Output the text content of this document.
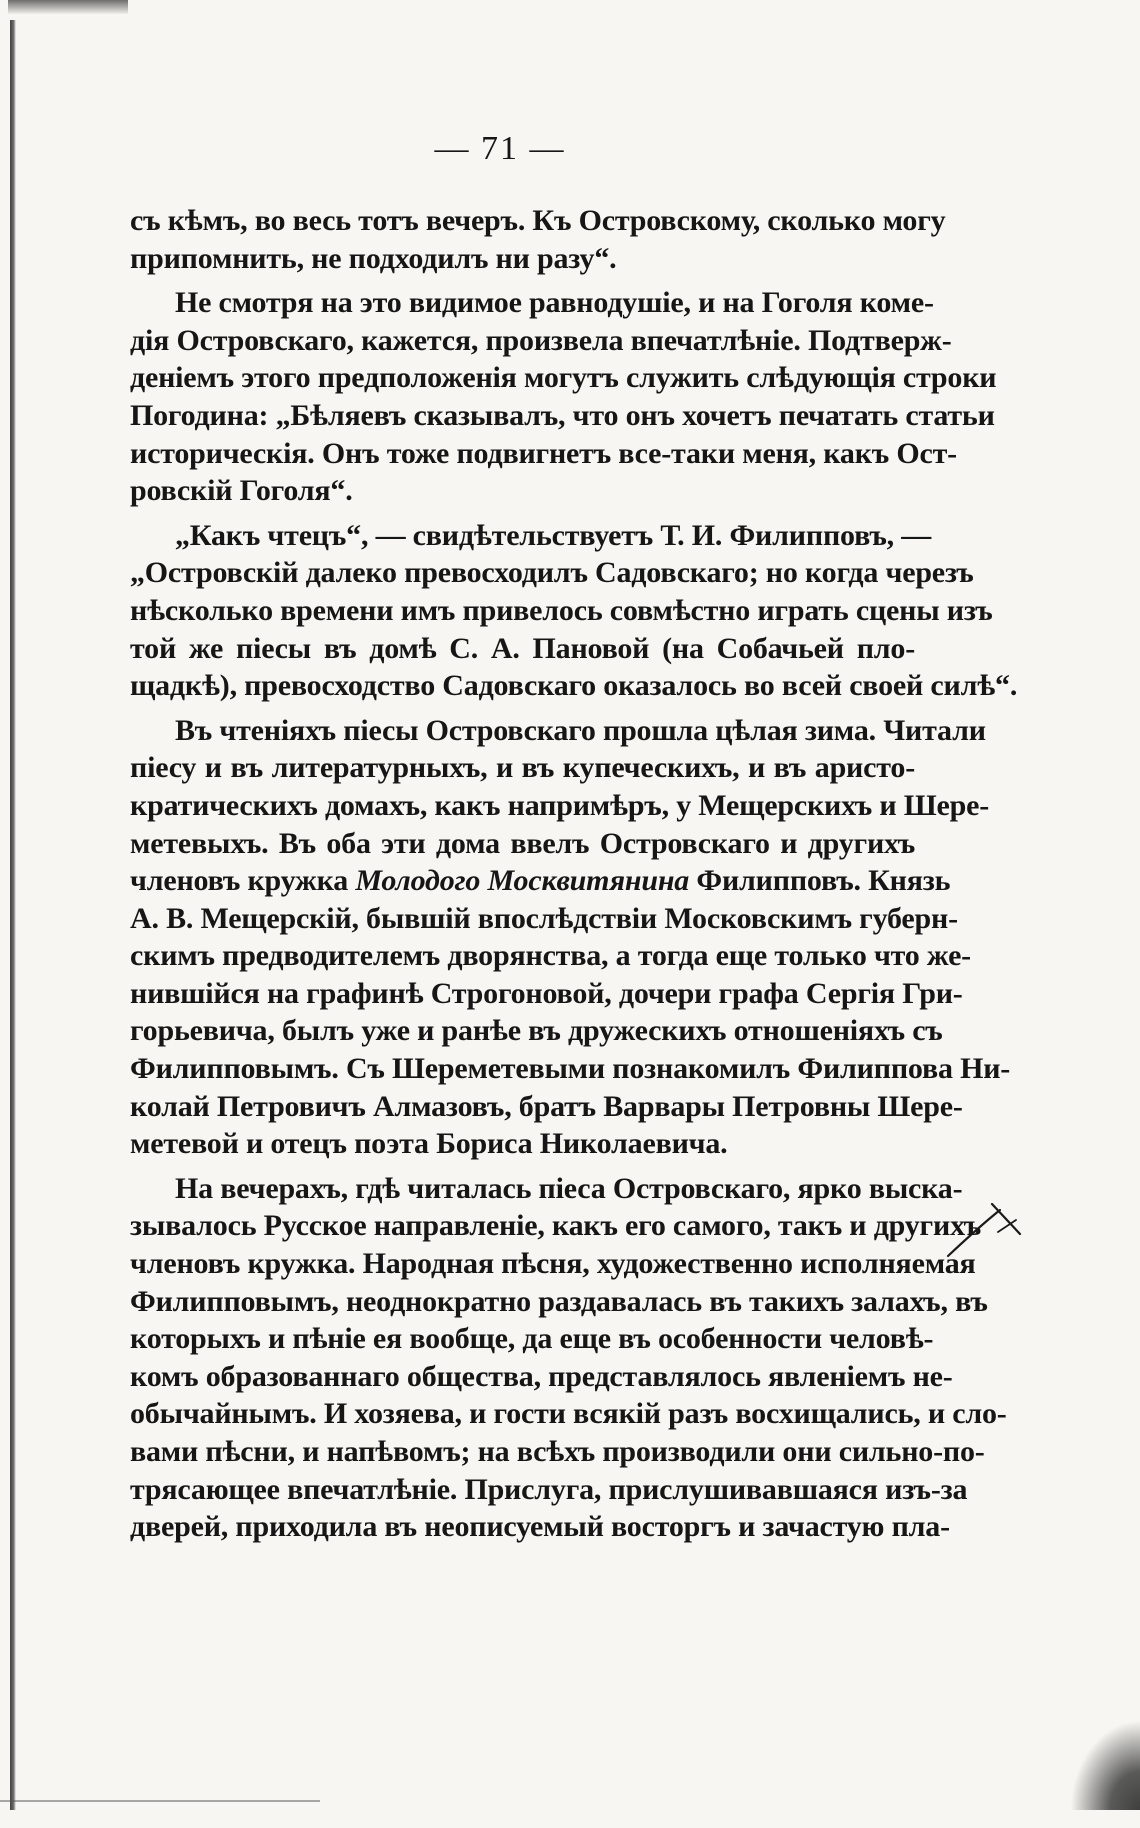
— 71 —
съ кѣмъ, во весь тотъ вечеръ. Къ Островскому, сколько могу
припомнить, не подходилъ ни разу“.
Не смотря на это видимое равнодушіе, и на Гоголя коме-
дія Островскаго, кажется, произвела впечатлѣніе. Подтверж-
деніемъ этого предположенія могутъ служить слѣдующія строки
Погодина: „Бѣляевъ сказывалъ, что онъ хочетъ печатать статьи
историческія. Онъ тоже подвигнетъ все-таки меня, какъ Ост-
ровскій Гоголя“.
„Какъ чтецъ“, — свидѣтельствуетъ Т. И. Филипповъ, —
„Островскій далеко превосходилъ Садовскаго; но когда черезъ
нѣсколько времени имъ привелось совмѣстно играть сцены изъ
той же піесы въ домѣ С. А. Пановой (на Собачьей пло-
щадкѣ), превосходство Садовскаго оказалось во всей своей силѣ“.
Въ чтеніяхъ піесы Островскаго прошла цѣлая зима. Читали
піесу и въ литературныхъ, и въ купеческихъ, и въ аристо-
кратическихъ домахъ, какъ напримѣръ, у Мещерскихъ и Шере-
метевыхъ. Въ оба эти дома ввелъ Островскаго и другихъ
членовъ кружка Молодого Москвитянина Филипповъ. Князь
А. В. Мещерскій, бывшій впослѣдствіи Московскимъ губерн-
скимъ предводителемъ дворянства, а тогда еще только что же-
нившійся на графинѣ Строгоновой, дочери графа Сергія Гри-
горьевича, былъ уже и ранѣе въ дружескихъ отношеніяхъ съ
Филипповымъ. Съ Шереметевыми познакомилъ Филиппова Ни-
колай Петровичъ Алмазовъ, братъ Варвары Петровны Шере-
метевой и отецъ поэта Бориса Николаевича.
На вечерахъ, гдѣ читалась піеса Островскаго, ярко выска-
зывалось Русское направленіе, какъ его самого, такъ и другихъ
членовъ кружка. Народная пѣсня, художественно исполняемая
Филипповымъ, неоднократно раздавалась въ такихъ залахъ, въ
которыхъ и пѣніе ея вообще, да еще въ особенности человѣ-
комъ образованнаго общества, представлялось явленіемъ не-
обычайнымъ. И хозяева, и гости всякій разъ восхищались, и сло-
вами пѣсни, и напѣвомъ; на всѣхъ производили они сильно-по-
трясающее впечатлѣніе. Прислуга, прислушивавшаяся изъ-за
дверей, приходила въ неописуемый восторгъ и зачастую пла-
